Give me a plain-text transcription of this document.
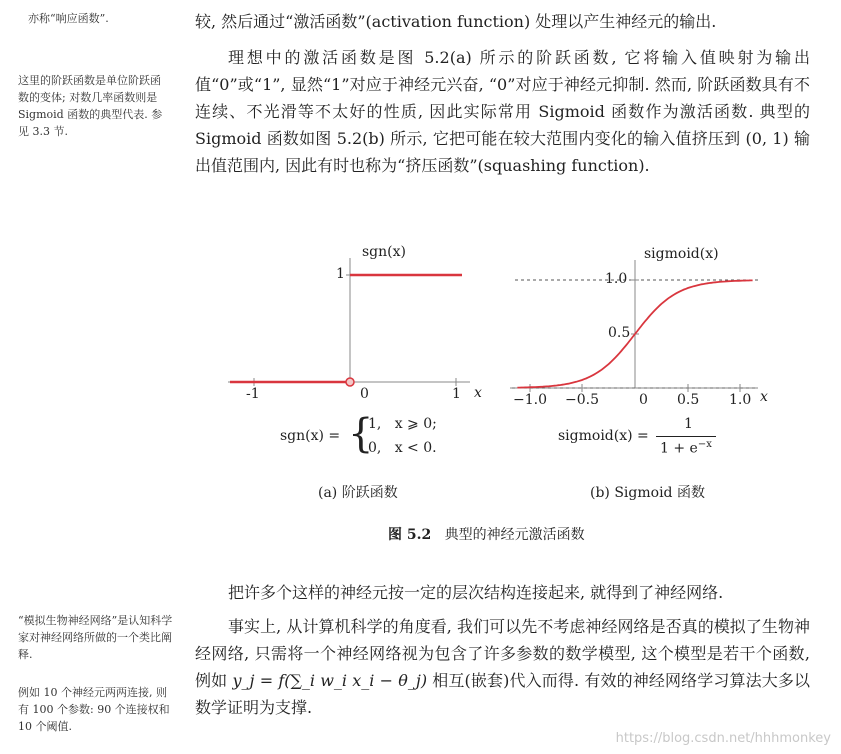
亦称“响应函数”.
这里的阶跃函数是单位阶跃函数的变体; 对数几率函数则是 Sigmoid 函数的典型代表. 参见 3.3 节.
“模拟生物神经网络”是认知科学家对神经网络所做的一个类比阐释.
例如 10 个神经元两两连接, 则有 100 个参数: 90 个连接权和 10 个阈值.
较, 然后通过“激活函数”(activation function) 处理以产生神经元的输出.
理想中的激活函数是图 5.2(a) 所示的阶跃函数, 它将输入值映射为输出值“0”或“1”, 显然“1”对应于神经元兴奋, “0”对应于神经元抑制. 然而, 阶跃函数具有不连续、不光滑等不太好的性质, 因此实际常用 Sigmoid 函数作为激活函数. 典型的 Sigmoid 函数如图 5.2(b) 所示, 它把可能在较大范围内变化的输入值挤压到 (0, 1) 输出值范围内, 因此有时也称为“挤压函数”(squashing function).
sgn(x)
1
-1	0	1 x
sgn(x) = {
1,   x ⩾ 0;
0,   x < 0.
(a) 阶跃函数
sigmoid(x)
1.0
0.5
−1.0 −0.5	0 0.5 1.0 x
sigmoid(x) =
1
$1 + e^{-x}$
(b) Sigmoid 函数
图 5.2 典型的神经元激活函数
把许多个这样的神经元按一定的层次结构连接起来, 就得到了神经网络.
事实上, 从计算机科学的角度看, 我们可以先不考虑神经网络是否真的模拟了生物神经网络, 只需将一个神经网络视为包含了许多参数的数学模型, 这个模型是若干个函数, 例如 y_j = f(∑_i w_i x_i − θ_j) 相互(嵌套)代入而得. 有效的神经网络学习算法大多以数学证明为支撑.
https://blog.csdn.net/hhhmonkey
